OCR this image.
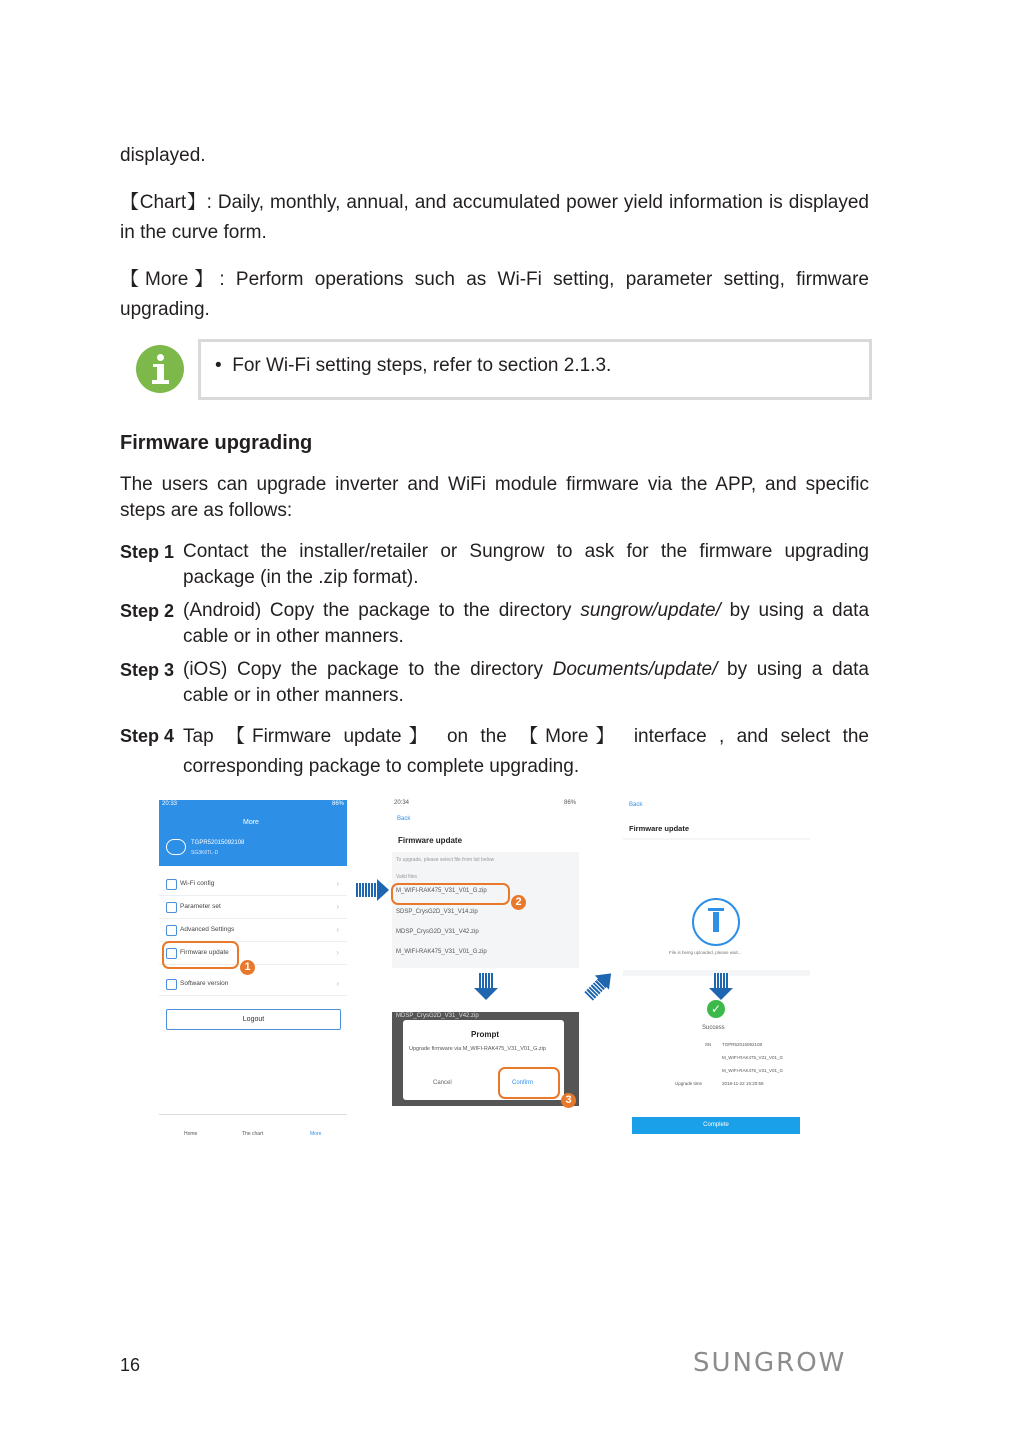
displayed.
【Chart】: Daily, monthly, annual, and accumulated power yield information is displayed in the curve form.
【More】: Perform operations such as Wi-Fi setting, parameter setting, firmware upgrading.
•  For Wi-Fi setting steps, refer to section 2.1.3.
Firmware upgrading
The users can upgrade inverter and WiFi module firmware via the APP, and specific steps are as follows:
Step 1 Contact the installer/retailer or Sungrow to ask for the firmware upgrading package (in the .zip format).
Step 2 (Android) Copy the package to the directory sungrow/update/ by using a data cable or in other manners.
Step 3 (iOS) Copy the package to the directory Documents/update/ by using a data cable or in other manners.
Step 4 Tap 【Firmware update】 on the 【More】 interface , and select the corresponding package to complete upgrading.
20:33	86%
More
TGPR52015092108
SG3K6TL-D
Wi-Fi config	›
Parameter set	›
Advanced Settings	›
Firmware update	›
Software version	›
Logout
Home	The chart	More
1
20:34	86%
Back
Firmware update
To upgrade, please select file from list below
Valid files
M_WIFI-RAK475_V31_V01_G.zip
SDSP_CrysG2D_V31_V14.zip
MDSP_CrysG2D_V31_V42.zip
M_WIFI-RAK475_V31_V01_G.zip
2
MDSP_CrysG2D_V31_V42.zip
Prompt
Upgrade firmware via M_WIFI-RAK475_V31_V01_G.zip
Cancel	Confirm
3
Back
Firmware update
File is being uploaded, please wait...
✓
Success
SN TGPR52015092108
M_WIFI-RAK475_V31_V01_G
M_WIFI-RAK475_V31_V01_G
Upgrade time	2018-11-22 15:20:59
Complete
16	SUNGROW
